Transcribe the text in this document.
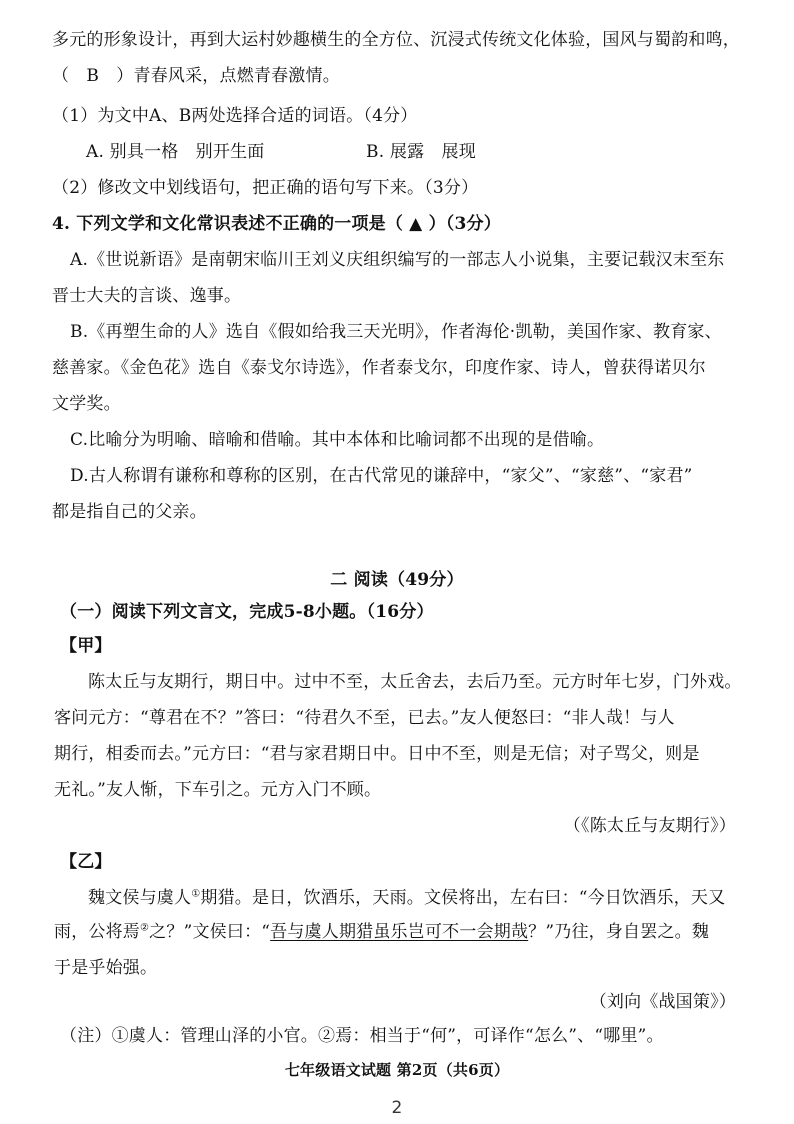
多元的形象设计，再到大运村妙趣横生的全方位、沉浸式传统文化体验，国风与蜀韵和鸣，
（　B　）青春风采，点燃青春激情。
（1）为文中A、B两处选择合适的词语。（4分）
A. 别具一格　别开生面	B. 展露　展现
（2）修改文中划线语句，把正确的语句写下来。（3分）
4. 下列文学和文化常识表述不正确的一项是（ ▲ ）（3分）
A.《世说新语》是南朝宋临川王刘义庆组织编写的一部志人小说集，主要记载汉末至东
晋士大夫的言谈、逸事。
B.《再塑生命的人》选自《假如给我三天光明》，作者海伦·凯勒，美国作家、教育家、
慈善家。《金色花》选自《泰戈尔诗选》，作者泰戈尔，印度作家、诗人，曾获得诺贝尔
文学奖。
C.比喻分为明喻、暗喻和借喻。其中本体和比喻词都不出现的是借喻。
D.古人称谓有谦称和尊称的区别，在古代常见的谦辞中，“家父”、“家慈”、“家君”
都是指自己的父亲。
二 阅读（49分）
（一）阅读下列文言文，完成5-8小题。（16分）
【甲】
陈太丘与友期行，期日中。过中不至，太丘舍去，去后乃至。元方时年七岁，门外戏。
客问元方：“尊君在不？”答曰：“待君久不至，已去。”友人便怒曰：“非人哉！与人
期行，相委而去。”元方曰：“君与家君期日中。日中不至，则是无信；对子骂父，则是
无礼。”友人惭，下车引之。元方入门不顾。
（《陈太丘与友期行》）
【乙】
魏文侯与虞人①期猎。是日，饮酒乐，天雨。文侯将出，左右曰：“今日饮酒乐，天又
雨，公将焉②之？”文侯曰：“吾与虞人期猎虽乐岂可不一会期哉？”乃往，身自罢之。魏
于是乎始强。
（刘向《战国策》）
（注）①虞人：管理山泽的小官。②焉：相当于“何”，可译作“怎么”、“哪里”。
七年级语文试题 第2页（共6页）
2
